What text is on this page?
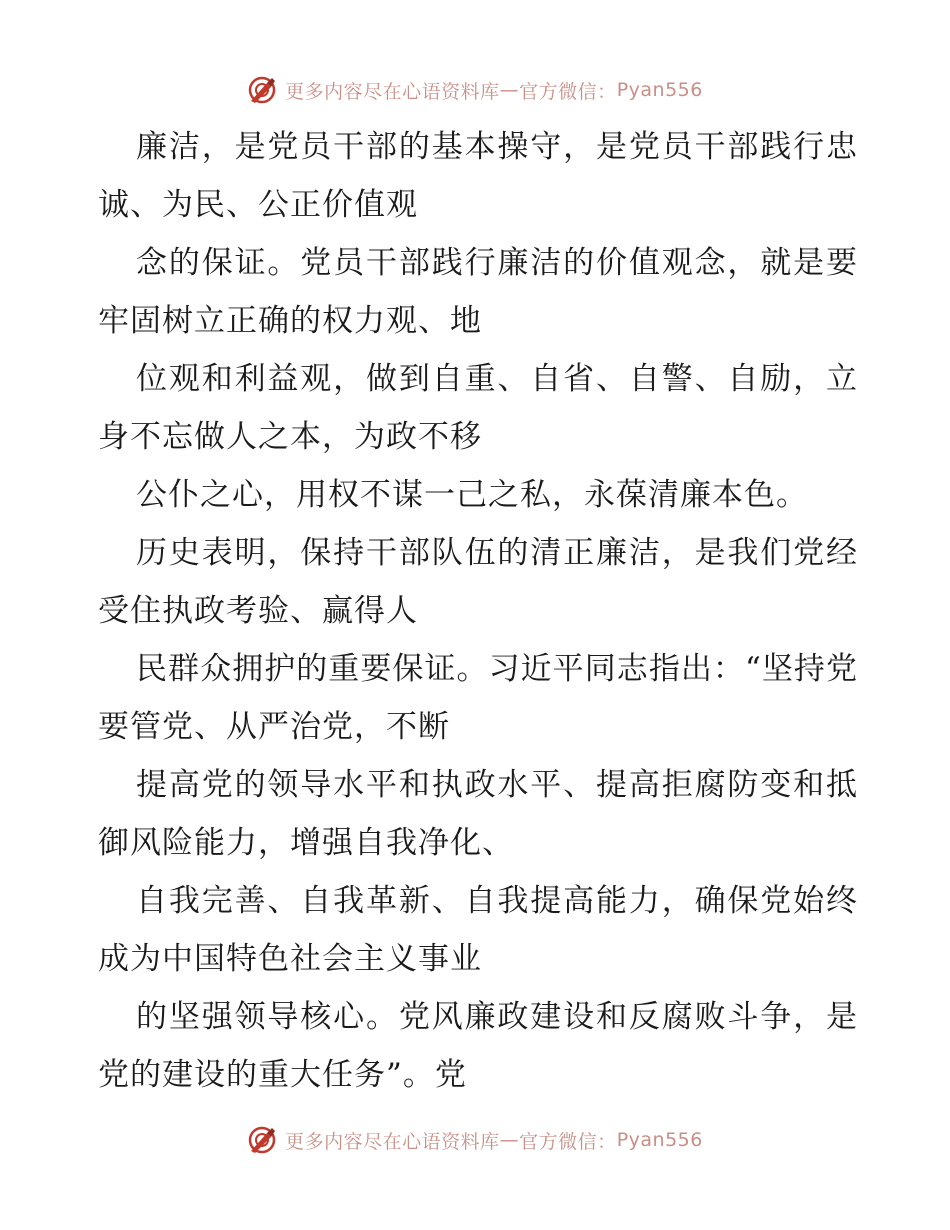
更多内容尽在心语资料库 — 官方微信： Pyan556

廉洁，是党员干部的基本操守，是党员干部践行忠诚、为民、公正价值观

念的保证。党员干部践行廉洁的价值观念，就是要牢固树立正确的权力观、地

位观和利益观，做到自重、自省、自警、自励，立身不忘做人之本，为政不移

公仆之心，用权不谋一己之私，永葆清廉本色。

历史表明，保持干部队伍的清正廉洁，是我们党经受住执政考验、赢得人

民群众拥护的重要保证。习近平同志指出：“坚持党要管党、从严治党，不断

提高党的领导水平和执政水平、提高拒腐防变和抵御风险能力，增强自我净化、

自我完善、自我革新、自我提高能力，确保党始终成为中国特色社会主义事业

的坚强领导核心。党风廉政建设和反腐败斗争，是党的建设的重大任务”。党

更多内容尽在心语资料库 — 官方微信： Pyan556
